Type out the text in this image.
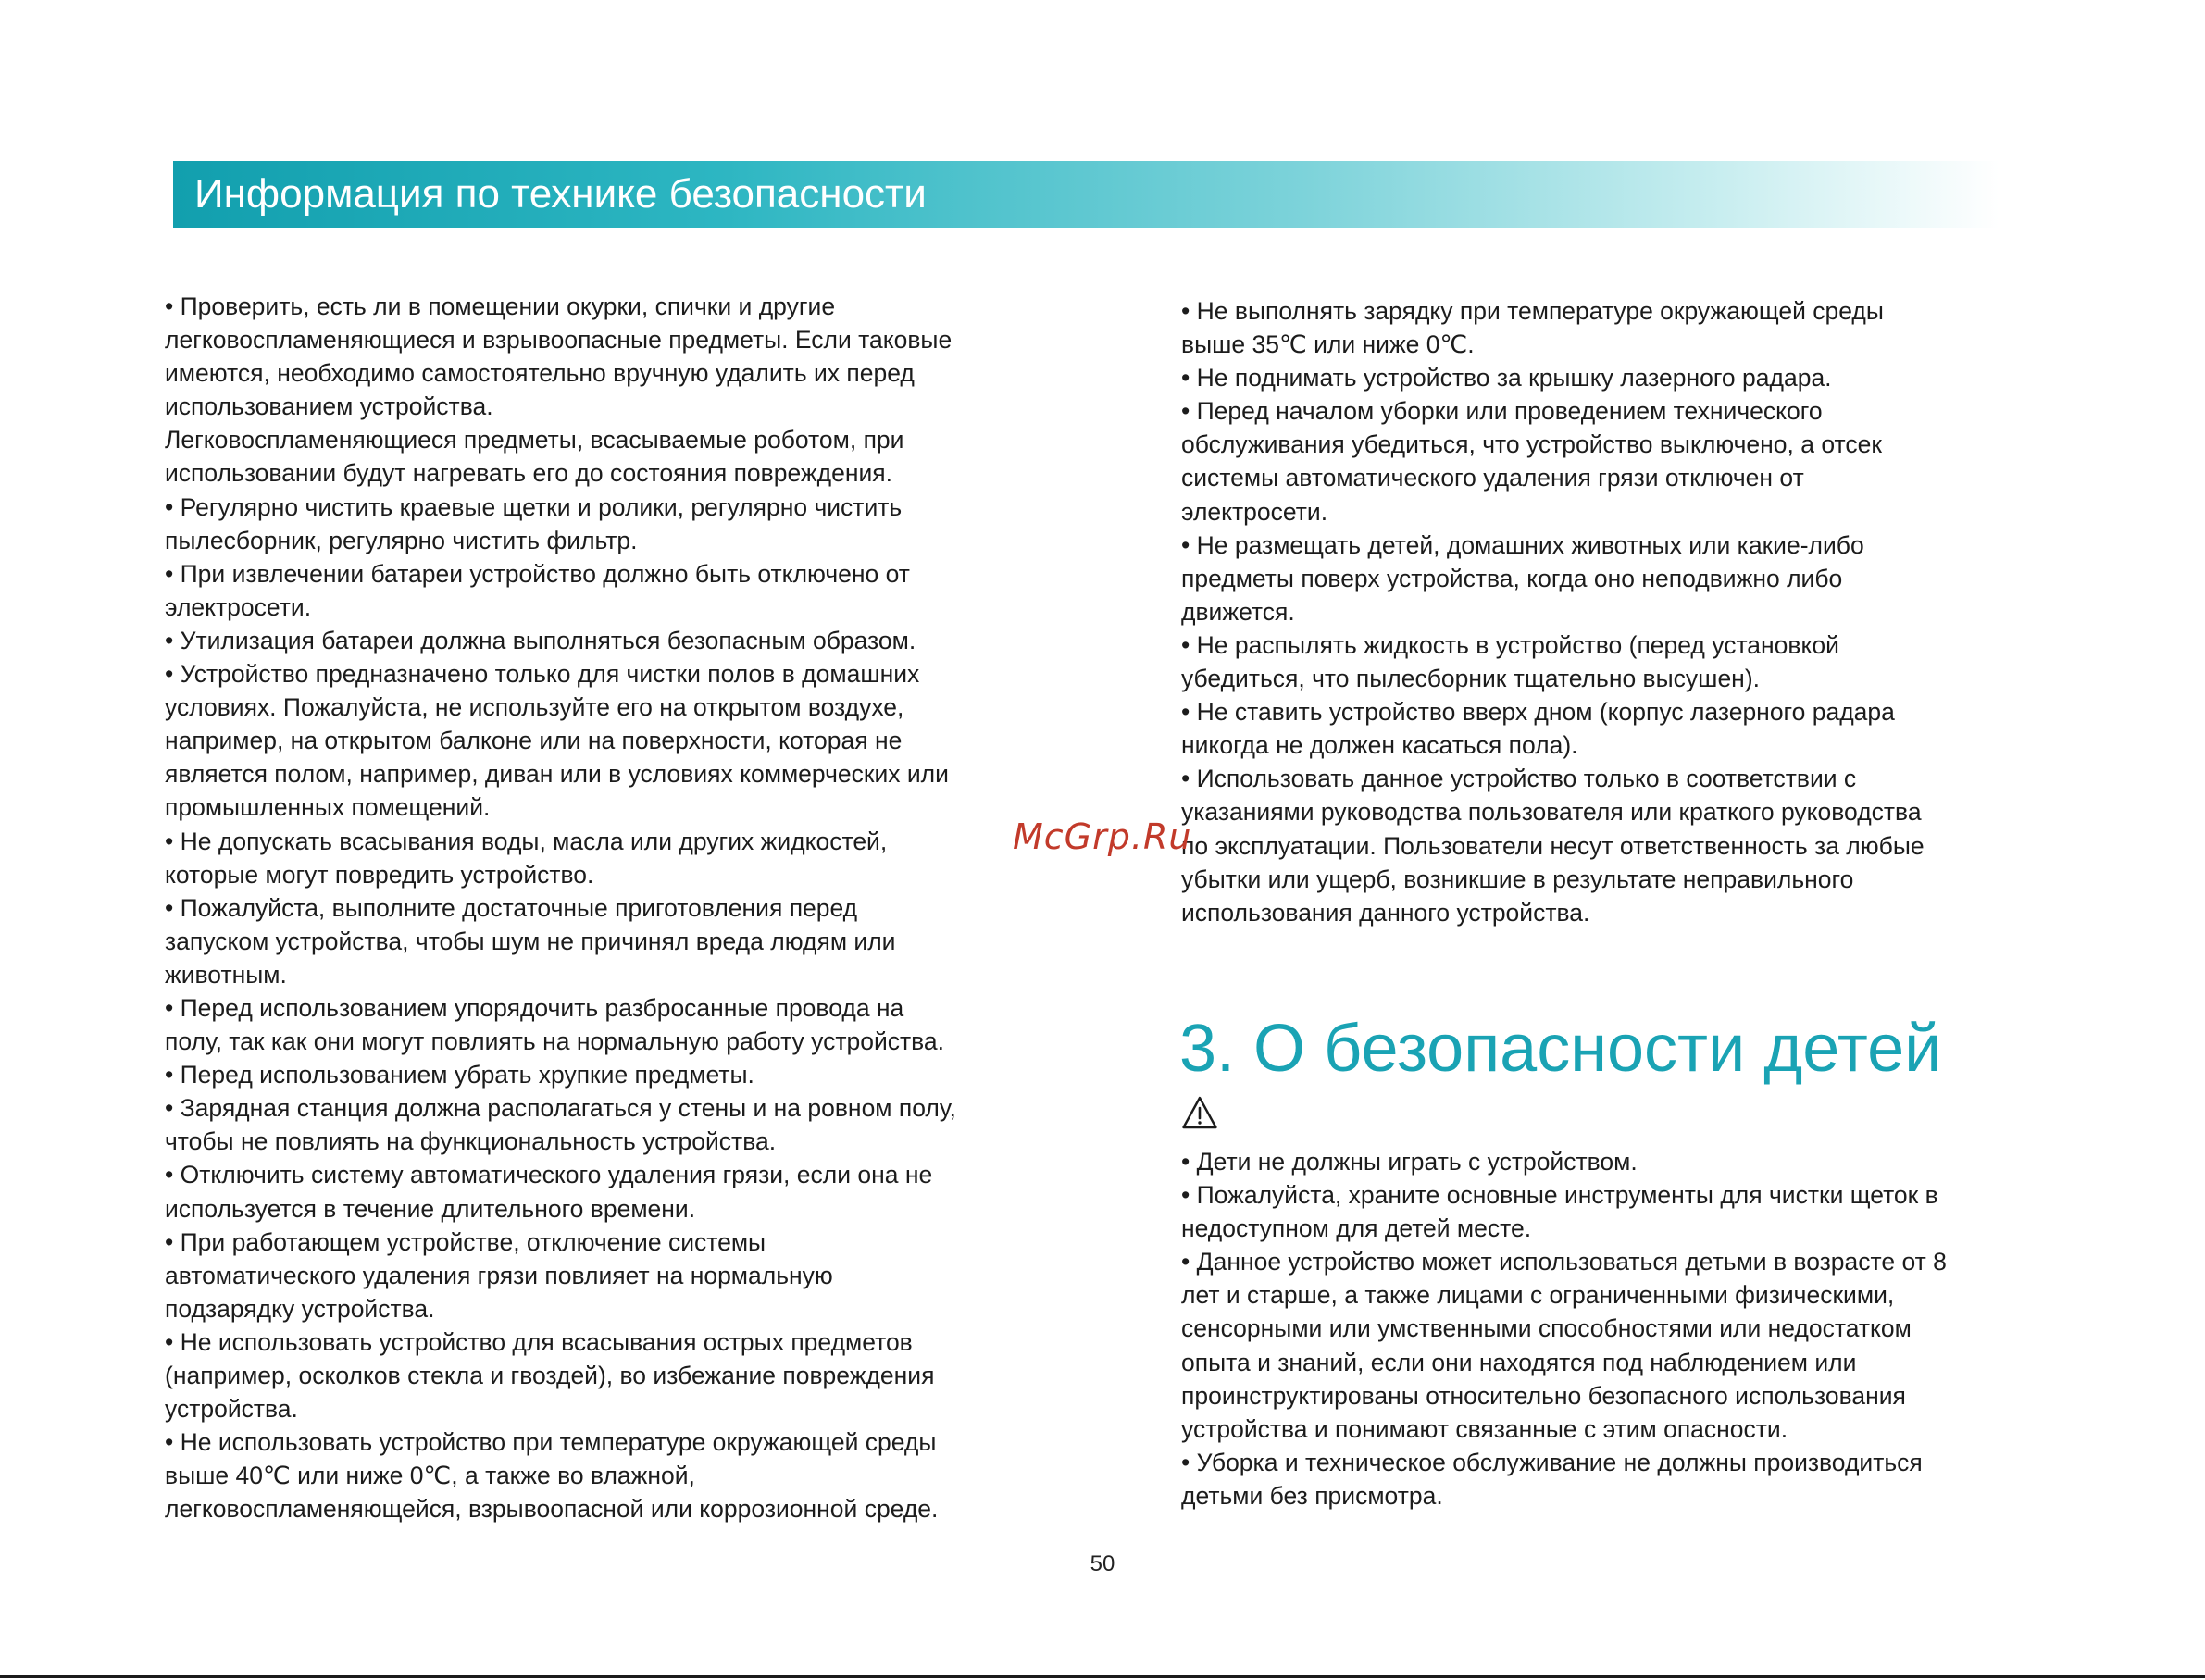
Информация по технике безопасности
• Проверить, есть ли в помещении окурки, спички и другие
легковоспламеняющиеся и взрывоопасные предметы. Если таковые
имеются, необходимо самостоятельно вручную удалить их перед
использованием устройства.
Легковоспламеняющиеся предметы, всасываемые роботом, при
использовании будут нагревать его до состояния повреждения.
• Регулярно чистить краевые щетки и ролики, регулярно чистить
пылесборник, регулярно чистить фильтр.
• При извлечении батареи устройство должно быть отключено от
электросети.
• Утилизация батареи должна выполняться безопасным образом.
• Устройство предназначено только для чистки полов в домашних
условиях. Пожалуйста, не используйте его на открытом воздухе,
например, на открытом балконе или на поверхности, которая не
является полом, например, диван или в условиях коммерческих или
промышленных помещений.
• Не допускать всасывания воды, масла или других жидкостей,
которые могут повредить устройство.
• Пожалуйста, выполните достаточные приготовления перед
запуском устройства, чтобы шум не причинял вреда людям или
животным.
• Перед использованием упорядочить разбросанные провода на
полу, так как они могут повлиять на нормальную работу устройства.
• Перед использованием убрать хрупкие предметы.
• Зарядная станция должна располагаться у стены и на ровном полу,
чтобы не повлиять на функциональность устройства.
• Отключить систему автоматического удаления грязи, если она не
используется в течение длительного времени.
• При работающем устройстве, отключение системы
автоматического удаления грязи повлияет на нормальную
подзарядку устройства.
• Не использовать устройство для всасывания острых предметов
(например, осколков стекла и гвоздей), во избежание повреждения
устройства.
• Не использовать устройство при температуре окружающей среды
выше 40℃ или ниже 0℃, а также во влажной,
легковоспламеняющейся, взрывоопасной или коррозионной среде.
• Не выполнять зарядку при температуре окружающей среды
выше 35℃ или ниже 0℃.
• Не поднимать устройство за крышку лазерного радара.
• Перед началом уборки или проведением технического
обслуживания убедиться, что устройство выключено, а отсек
системы автоматического удаления грязи отключен от
электросети.
• Не размещать детей, домашних животных или какие-либо
предметы поверх устройства, когда оно неподвижно либо
движется.
• Не распылять жидкость в устройство (перед установкой
убедиться, что пылесборник тщательно высушен).
• Не ставить устройство вверх дном (корпус лазерного радара
никогда не должен касаться пола).
• Использовать данное устройство только в соответствии с
указаниями руководства пользователя или краткого руководства
по эксплуатации. Пользователи несут ответственность за любые
убытки или ущерб, возникшие в результате неправильного
использования данного устройства.
3. О безопасности детей
• Дети не должны играть с устройством.
• Пожалуйста, храните основные инструменты для чистки щеток в
недоступном для детей месте.
• Данное устройство может использоваться детьми в возрасте от 8
лет и старше, а также лицами с ограниченными физическими,
сенсорными или умственными способностями или недостатком
опыта и знаний, если они находятся под наблюдением или
проинструктированы относительно безопасного использования
устройства и понимают связанные с этим опасности.
• Уборка и техническое обслуживание не должны производиться
детьми без присмотра.
McGrp.Ru
50
